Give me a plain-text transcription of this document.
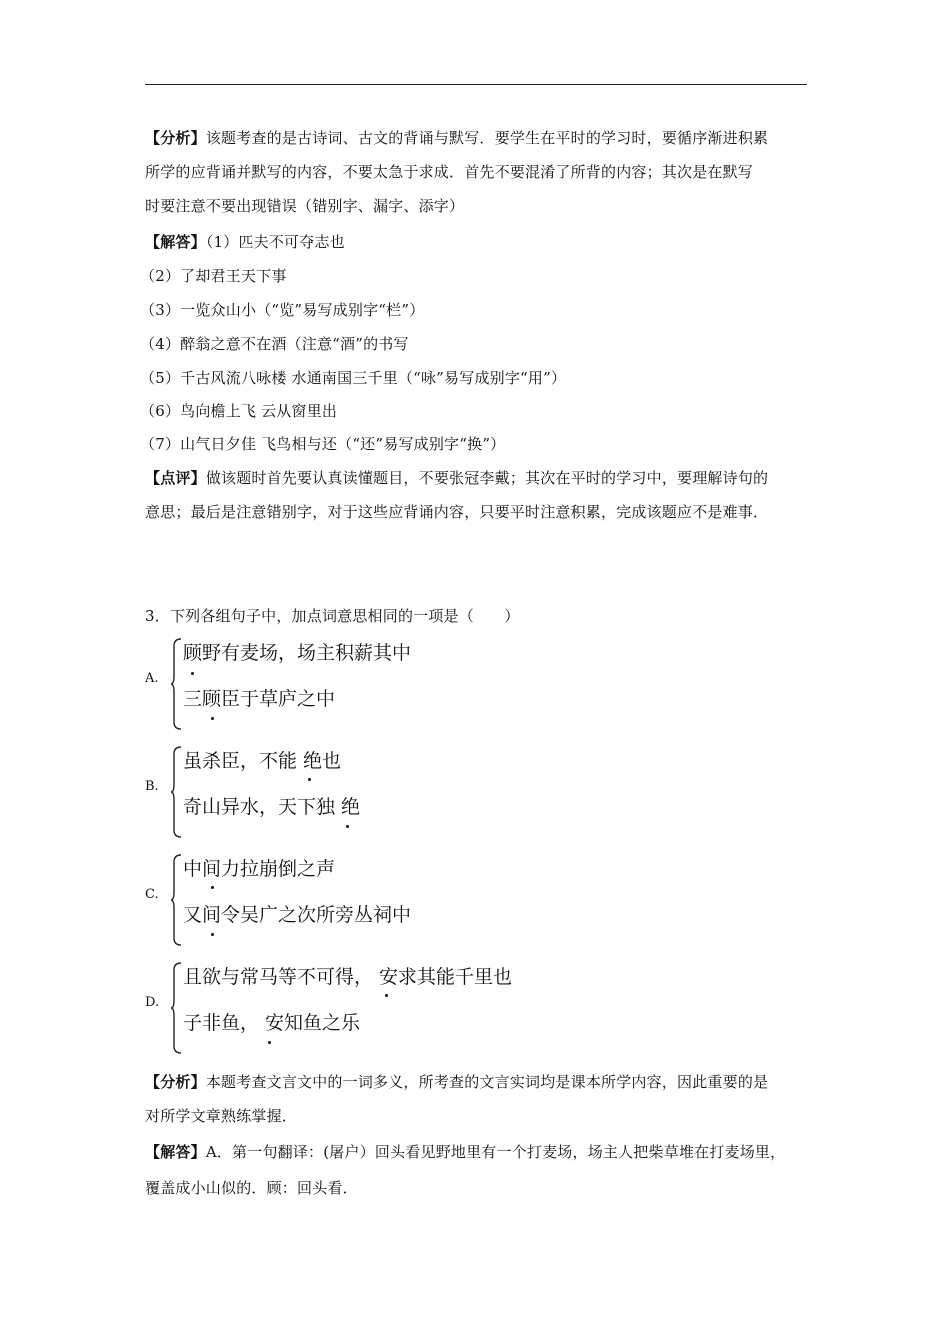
【分析】该题考查的是古诗词、古文的背诵与默写．要学生在平时的学习时，要循序渐进积累
所学的应背诵并默写的内容，不要太急于求成．首先不要混淆了所背的内容；其次是在默写
时要注意不要出现错误（错别字、漏字、添字）
【解答】（1）匹夫不可夺志也
（2）了却君王天下事
（3）一览众山小（“览”易写成别字“栏”）
（4）醉翁之意不在酒（注意“酒”的书写
（5）千古风流八咏楼 水通南国三千里（“咏”易写成别字“用”）
（6）鸟向檐上飞 云从窗里出
（7）山气日夕佳 飞鸟相与还（“还”易写成别字“换”）
【点评】做该题时首先要认真读懂题目，不要张冠李戴；其次在平时的学习中，要理解诗句的
意思；最后是注意错别字，对于这些应背诵内容，只要平时注意积累，完成该题应不是难事．
3．下列各组句子中，加点词意思相同的一项是（　　）
A.
顾野有麦场，场主积薪其中
三顾臣于草庐之中
B.
虽杀臣，不能 绝也
奇山异水，天下独 绝
C.
中间力拉崩倒之声
又间令吴广之次所旁丛祠中
D.
且欲与常马等不可得， 安求其能千里也
子非鱼， 安知鱼之乐
【分析】本题考查文言文中的一词多义，所考查的文言实词均是课本所学内容，因此重要的是
对所学文章熟练掌握．
【解答】A．第一句翻译：(屠户）回头看见野地里有一个打麦场，场主人把柴草堆在打麦场里，
覆盖成小山似的．顾：回头看．
